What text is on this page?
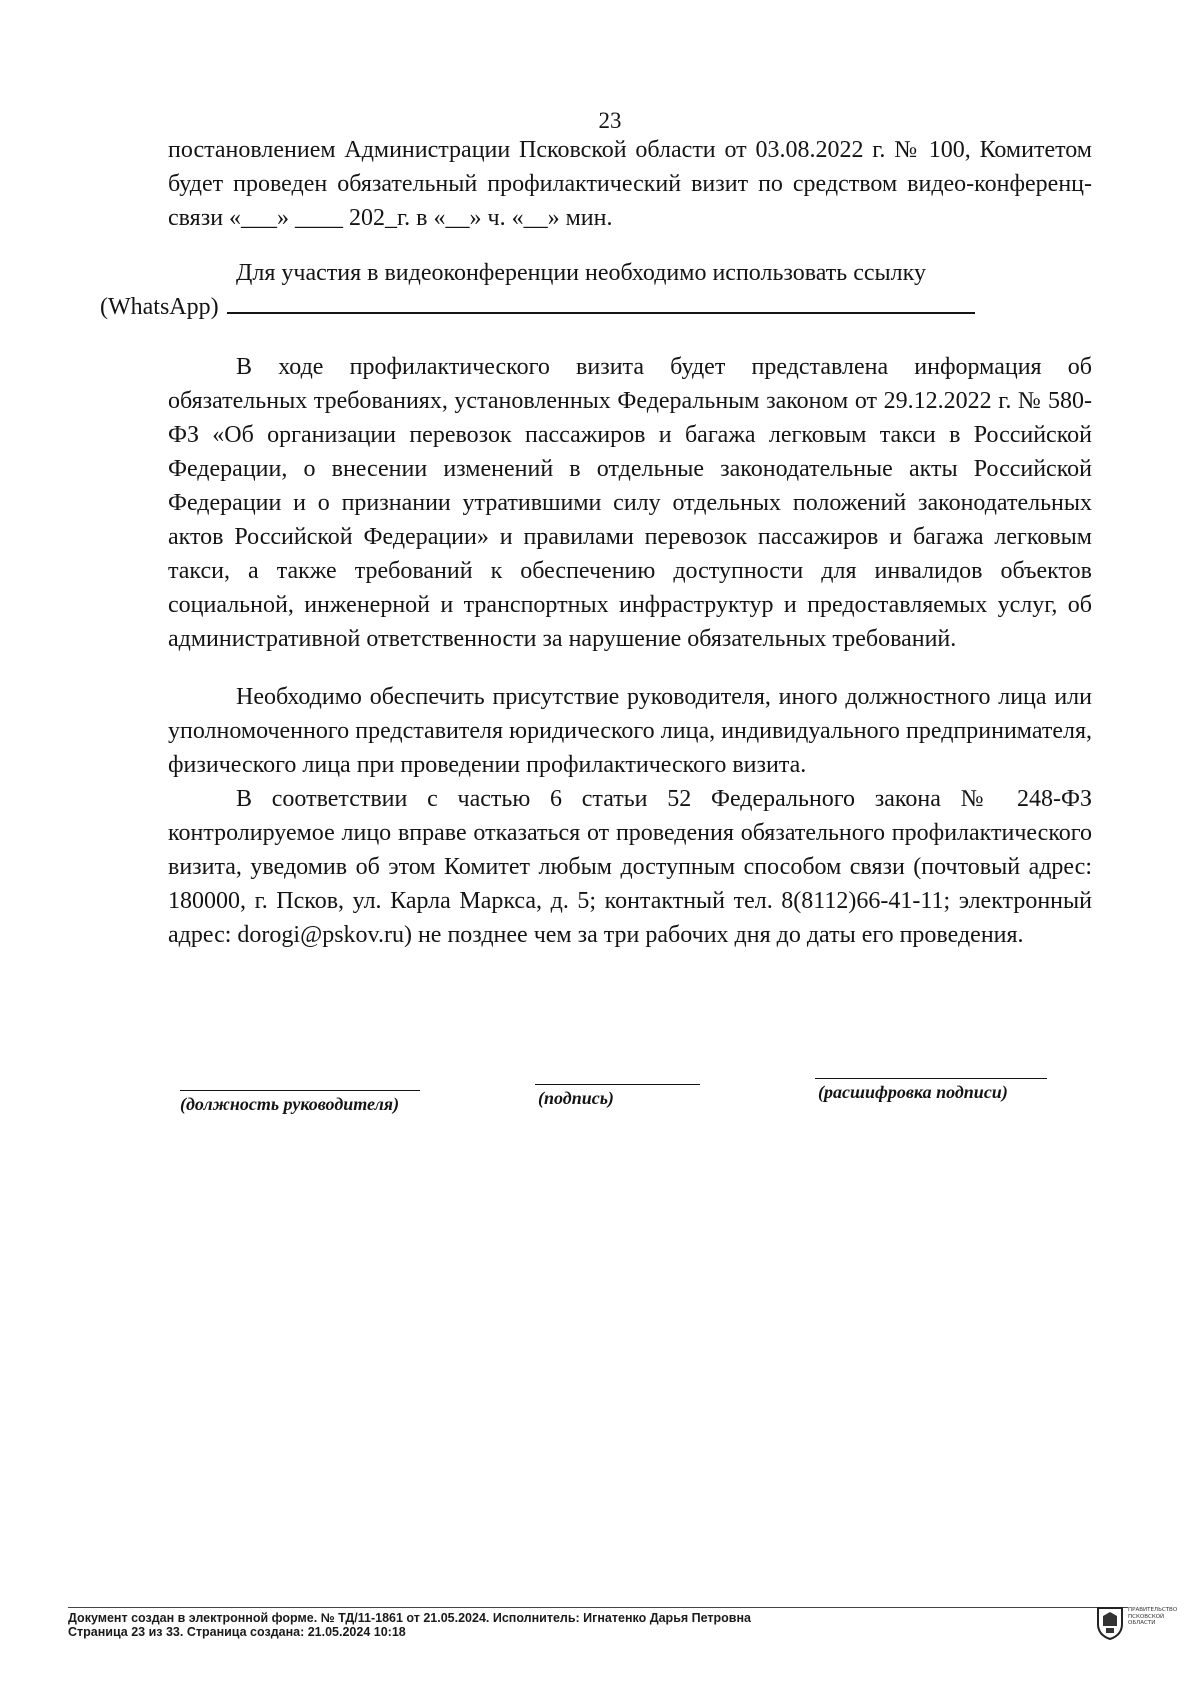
23
постановлением Администрации Псковской области от 03.08.2022 г. № 100, Комитетом будет проведен обязательный профилактический визит по средством видео-конференц-связи «___» ____ 202_г. в «__» ч. «__» мин.
Для участия в видеоконференции необходимо использовать ссылку
(WhatsApp)
В ходе профилактического визита будет представлена информация об обязательных требованиях, установленных Федеральным законом от 29.12.2022 г. № 580-ФЗ «Об организации перевозок пассажиров и багажа легковым такси в Российской Федерации, о внесении изменений в отдельные законодательные акты Российской Федерации и о признании утратившими силу отдельных положений законодательных актов Российской Федерации» и правилами перевозок пассажиров и багажа легковым такси, а также требований к обеспечению доступности для инвалидов объектов социальной, инженерной и транспортных инфраструктур и предоставляемых услуг, об административной ответственности за нарушение обязательных требований.
Необходимо обеспечить присутствие руководителя, иного должностного лица или уполномоченного представителя юридического лица, индивидуального предпринимателя, физического лица при проведении профилактического визита.
В соответствии с частью 6 статьи 52 Федерального закона № 248-ФЗ контролируемое лицо вправе отказаться от проведения обязательного профилактического визита, уведомив об этом Комитет любым доступным способом связи (почтовый адрес: 180000, г. Псков, ул. Карла Маркса, д. 5; контактный тел. 8(8112)66-41-11; электронный адрес: dorogi@pskov.ru) не позднее чем за три рабочих дня до даты его проведения.
(должность руководителя)	(подпись)	(расшифровка подписи)
Документ создан в электронной форме. № ТД/11-1861 от 21.05.2024. Исполнитель: Игнатенко Дарья Петровна
Страница 23 из 33. Страница создана: 21.05.2024 10:18
ПРАВИТЕЛЬСТВО ПСКОВСКОЙ ОБЛАСТИ
